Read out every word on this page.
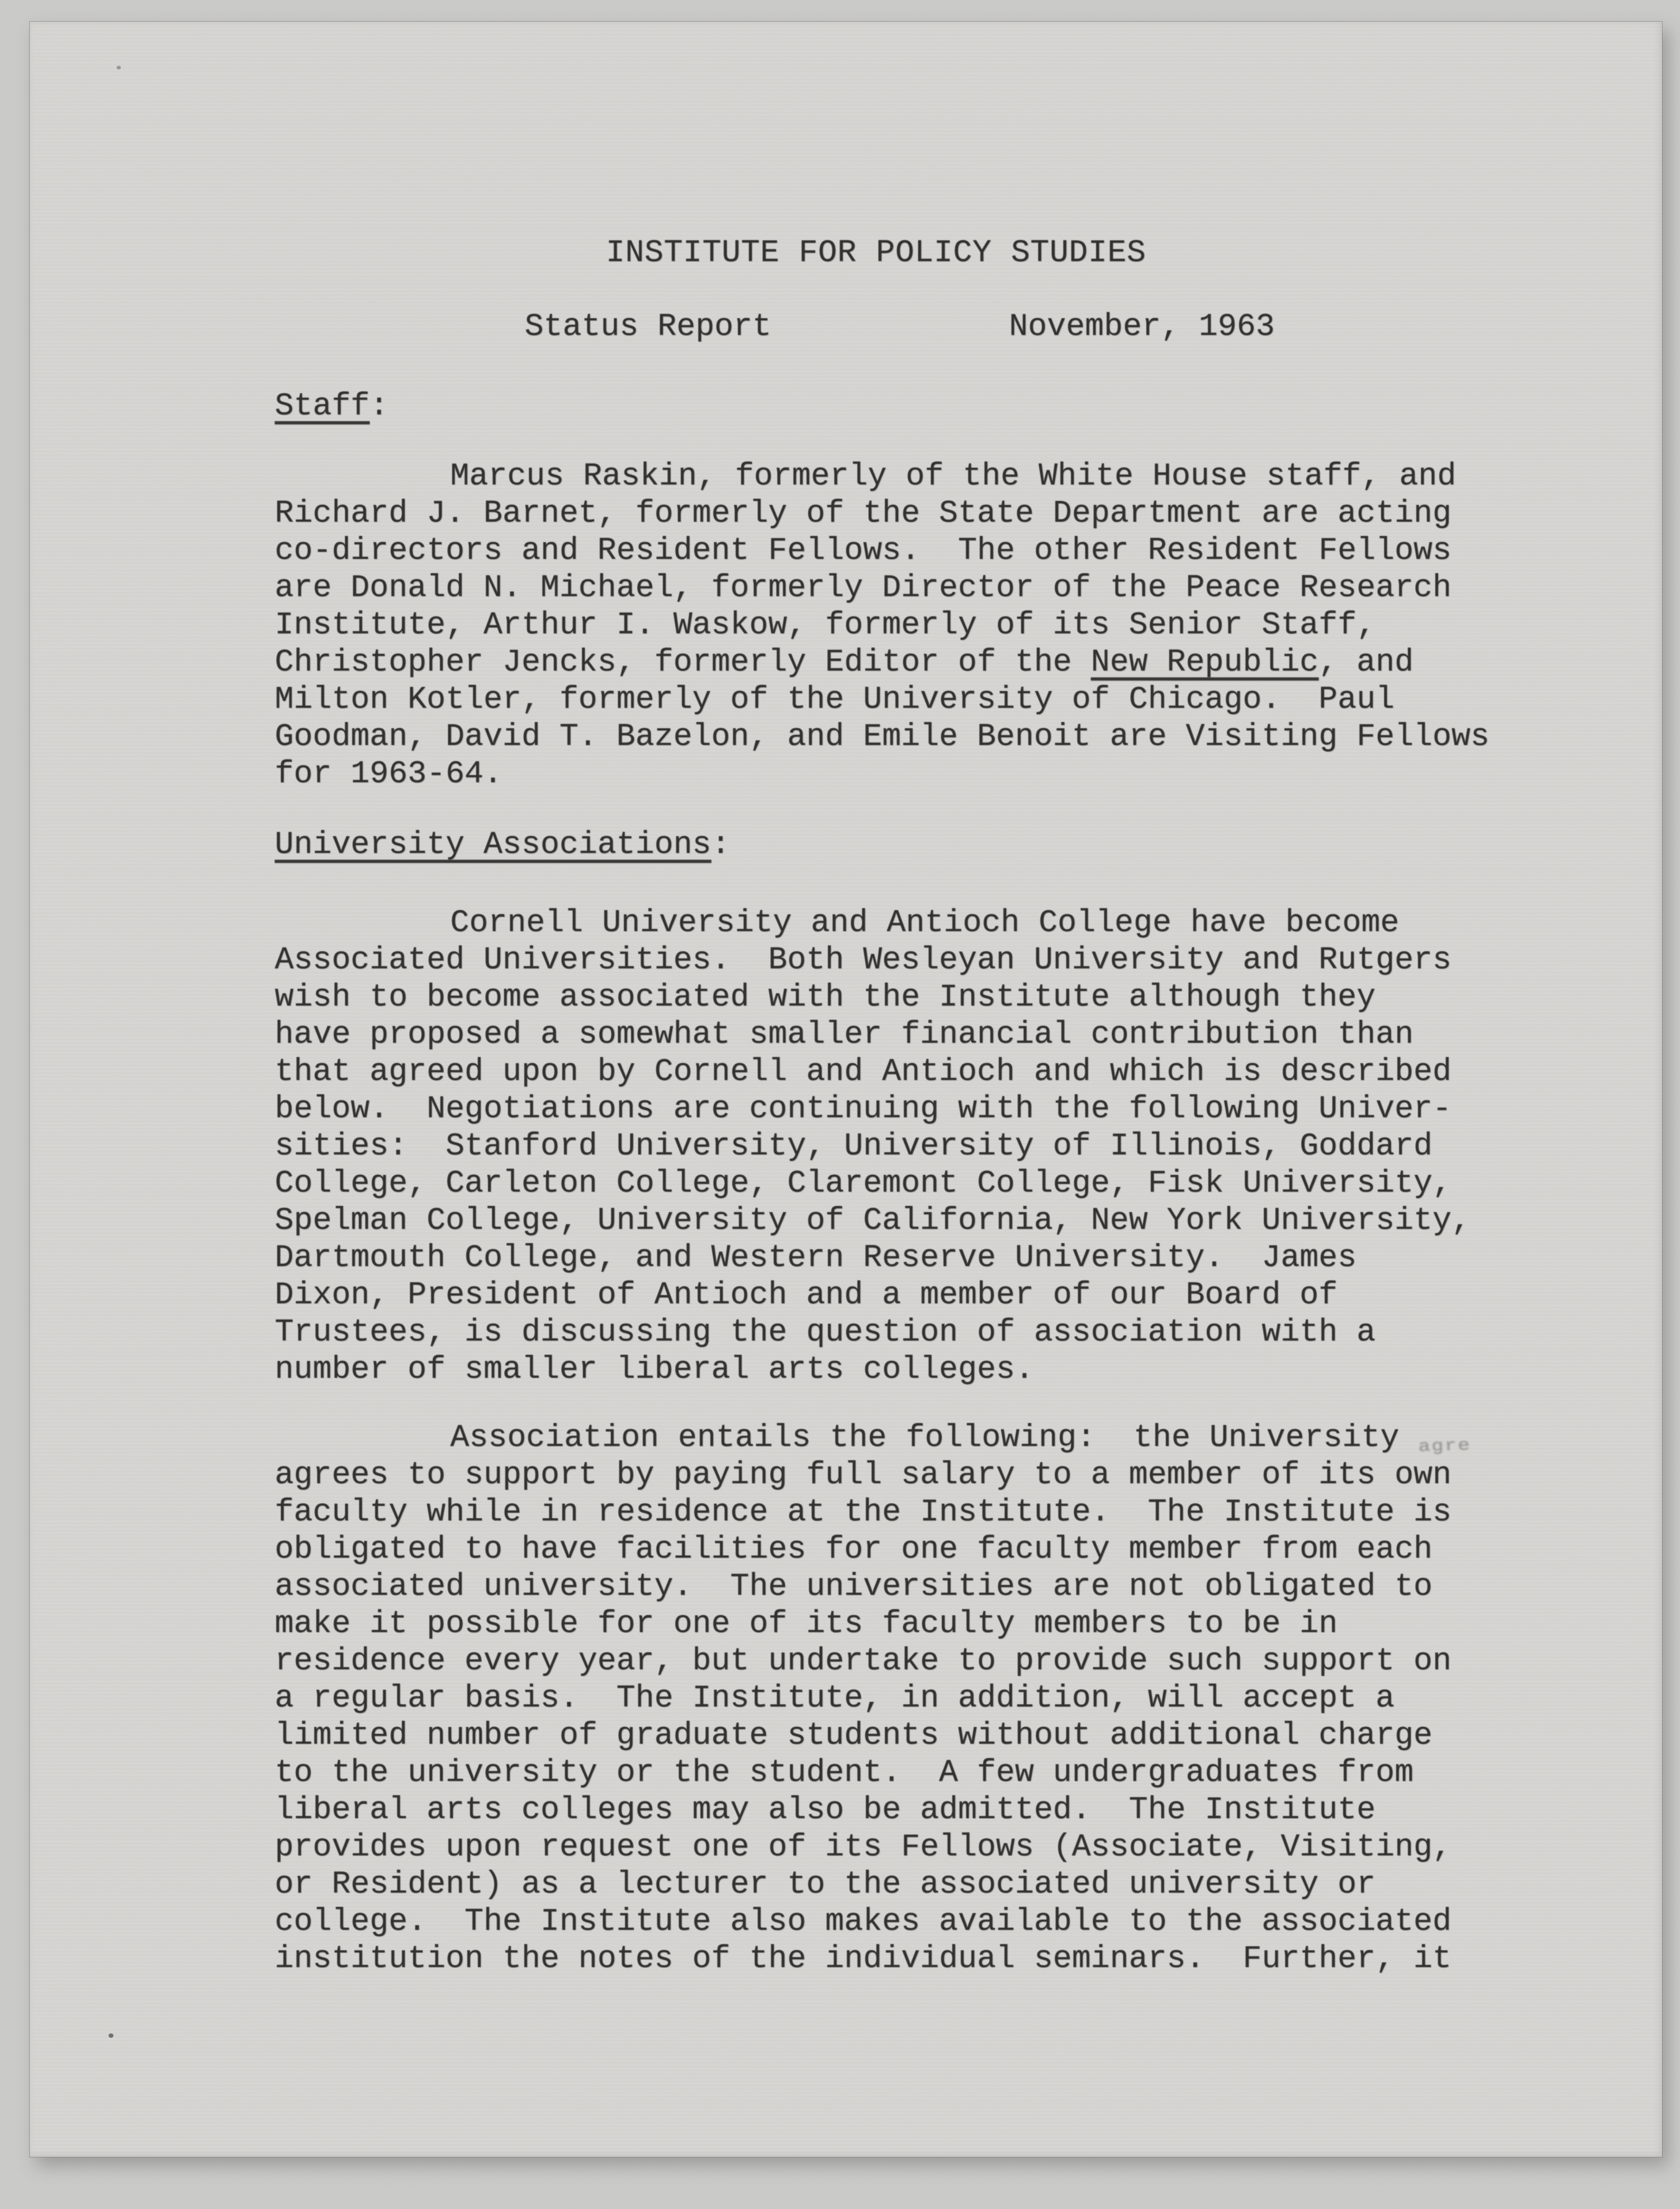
INSTITUTE FOR POLICY STUDIES
Status Report	November, 1963
Staff:
Marcus Raskin, formerly of the White House staff, and
Richard J. Barnet, formerly of the State Department are acting
co-directors and Resident Fellows.  The other Resident Fellows
are Donald N. Michael, formerly Director of the Peace Research
Institute, Arthur I. Waskow, formerly of its Senior Staff,
Christopher Jencks, formerly Editor of the New Republic, and
Milton Kotler, formerly of the University of Chicago.  Paul
Goodman, David T. Bazelon, and Emile Benoit are Visiting Fellows
for 1963-64.
University Associations:
Cornell University and Antioch College have become
Associated Universities.  Both Wesleyan University and Rutgers
wish to become associated with the Institute although they
have proposed a somewhat smaller financial contribution than
that agreed upon by Cornell and Antioch and which is described
below.  Negotiations are continuing with the following Univer-
sities:  Stanford University, University of Illinois, Goddard
College, Carleton College, Claremont College, Fisk University,
Spelman College, University of California, New York University,
Dartmouth College, and Western Reserve University.  James
Dixon, President of Antioch and a member of our Board of
Trustees, is discussing the question of association with a
number of smaller liberal arts colleges.
Association entails the following:  the University agre
agrees to support by paying full salary to a member of its own
faculty while in residence at the Institute.  The Institute is
obligated to have facilities for one faculty member from each
associated university.  The universities are not obligated to
make it possible for one of its faculty members to be in
residence every year, but undertake to provide such support on
a regular basis.  The Institute, in addition, will accept a
limited number of graduate students without additional charge
to the university or the student.  A few undergraduates from
liberal arts colleges may also be admitted.  The Institute
provides upon request one of its Fellows (Associate, Visiting,
or Resident) as a lecturer to the associated university or
college.  The Institute also makes available to the associated
institution the notes of the individual seminars.  Further, it
